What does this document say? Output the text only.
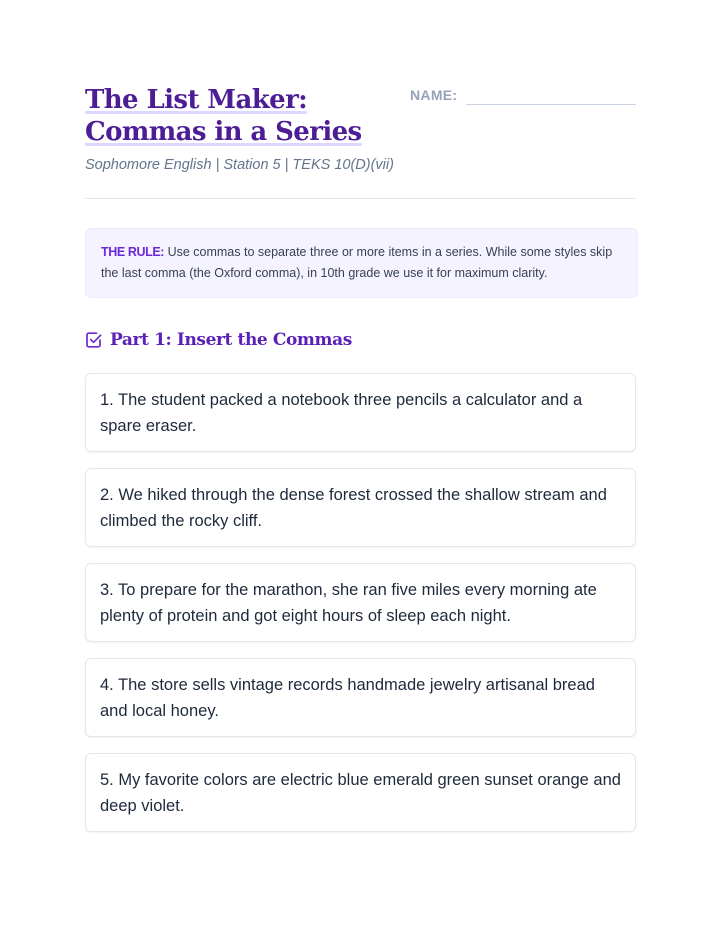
The List Maker: Commas in a Series
NAME:
Sophomore English | Station 5 | TEKS 10(D)(vii)
THE RULE: Use commas to separate three or more items in a series. While some styles skip the last comma (the Oxford comma), in 10th grade we use it for maximum clarity.
Part 1: Insert the Commas
1. The student packed a notebook three pencils a calculator and a spare eraser.
2. We hiked through the dense forest crossed the shallow stream and climbed the rocky cliff.
3. To prepare for the marathon, she ran five miles every morning ate plenty of protein and got eight hours of sleep each night.
4. The store sells vintage records handmade jewelry artisanal bread and local honey.
5. My favorite colors are electric blue emerald green sunset orange and deep violet.
